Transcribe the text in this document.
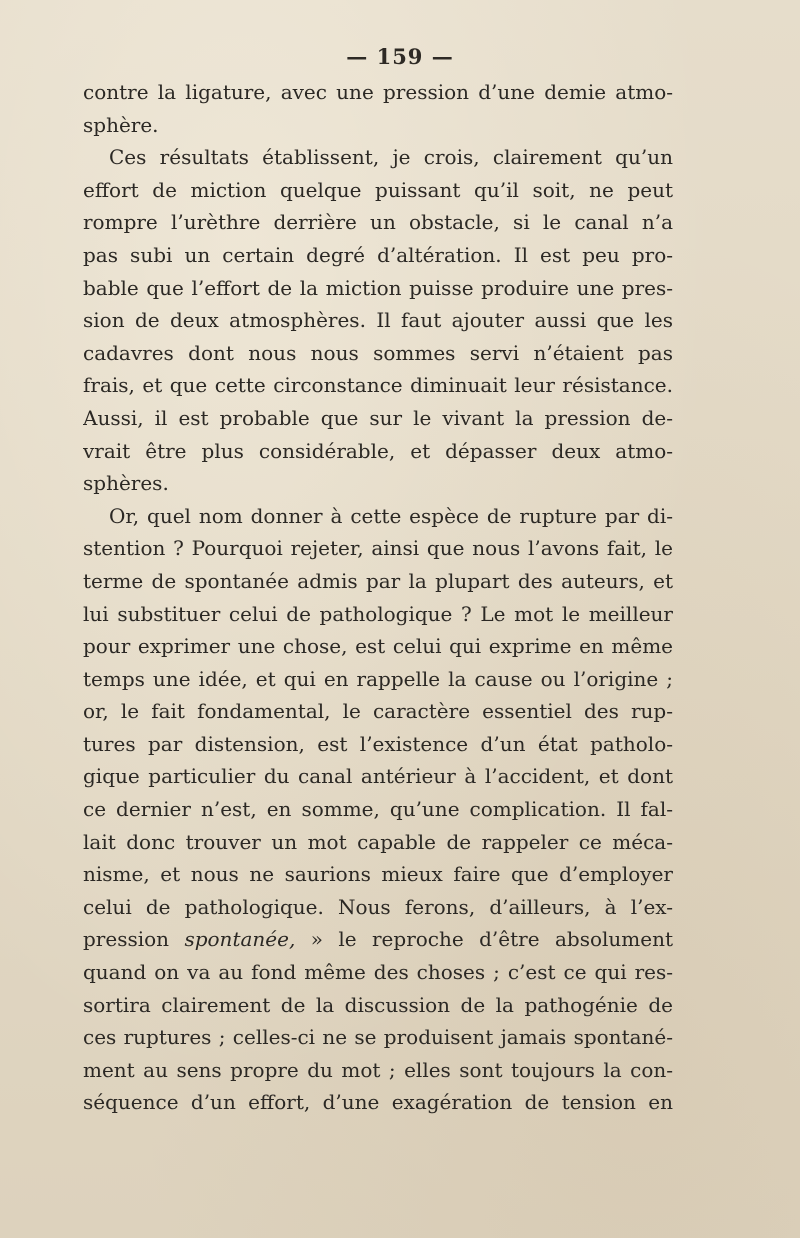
— 159 —
contre la ligature, avec une pression d’une demie atmo-
sphère.
Ces résultats établissent, je crois, clairement qu’un
effort de miction quelque puissant qu’il soit, ne peut
rompre l’urèthre derrière un obstacle, si le canal n’a
pas subi un certain degré d’altération. Il est peu pro-
bable que l’effort de la miction puisse produire une pres-
sion de deux atmosphères. Il faut ajouter aussi que les
cadavres dont nous nous sommes servi n’étaient pas
frais, et que cette circonstance diminuait leur résistance.
Aussi, il est probable que sur le vivant la pression de-
vrait être plus considérable, et dépasser deux atmo-
sphères.
Or, quel nom donner à cette espèce de rupture par di-
stention ? Pourquoi rejeter, ainsi que nous l’avons fait, le
terme de spontanée admis par la plupart des auteurs, et
lui substituer celui de pathologique ? Le mot le meilleur
pour exprimer une chose, est celui qui exprime en même
temps une idée, et qui en rappelle la cause ou l’origine ;
or, le fait fondamental, le caractère essentiel des rup-
tures par distension, est l’existence d’un état patholo-
gique particulier du canal antérieur à l’accident, et dont
ce dernier n’est, en somme, qu’une complication. Il fal-
lait donc trouver un mot capable de rappeler ce méca-
nisme, et nous ne saurions mieux faire que d’employer
celui de pathologique. Nous ferons, d’ailleurs, à l’ex-
pression spontanée, » le reproche d’être absolument
quand on va au fond même des choses ; c’est ce qui res-
sortira clairement de la discussion de la pathogénie de
ces ruptures ; celles-ci ne se produisent jamais spontané-
ment au sens propre du mot ; elles sont toujours la con-
séquence d’un effort, d’une exagération de tension en
